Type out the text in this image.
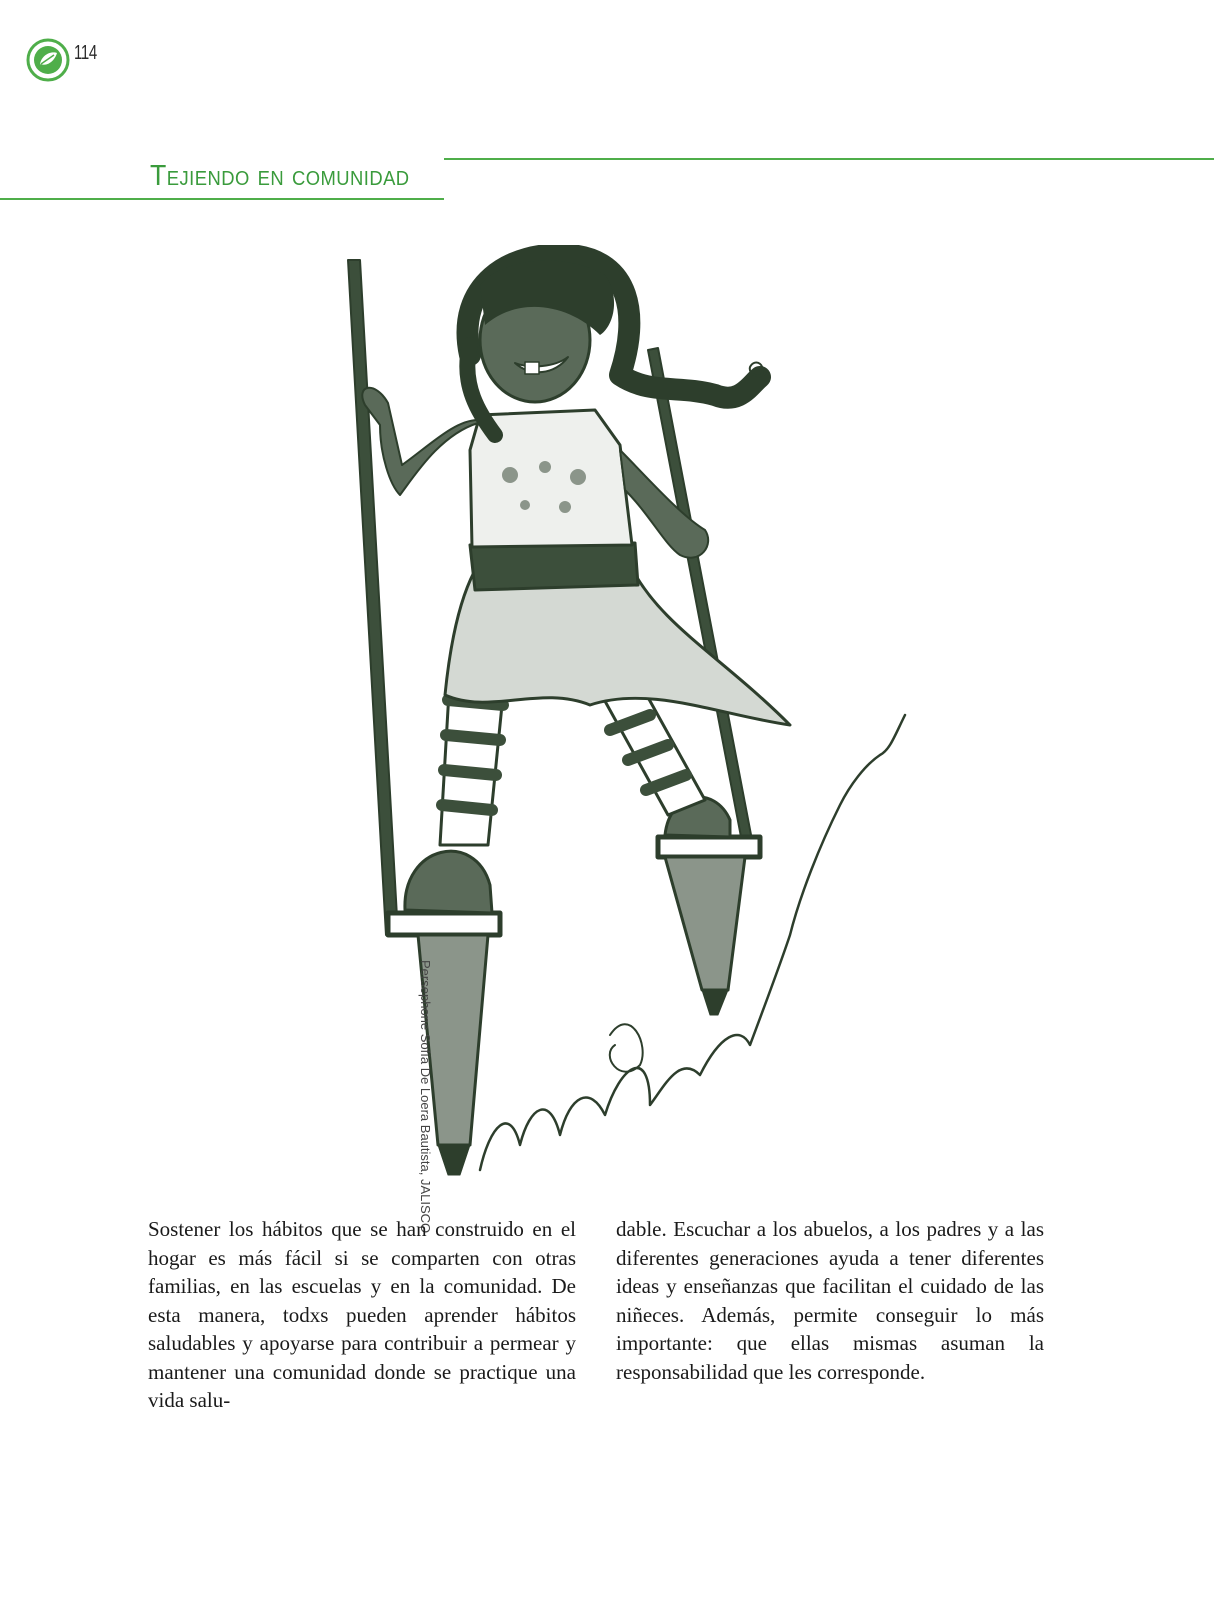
114
Tejiendo en comunidad
Persephone Sofía De Loera Bautista, JALISCO

Sostener los hábitos que se han construido en el hogar es más fácil si se comparten con otras familias, en las escuelas y en la comunidad. De esta manera, todxs pueden aprender hábitos saludables y apoyarse para contribuir a permear y mantener una comunidad donde se practique una vida salu-

dable. Escuchar a los abuelos, a los padres y a las diferentes generaciones ayuda a tener diferentes ideas y enseñanzas que facilitan el cuidado de las niñeces. Además, permite conseguir lo más importante: que ellas mismas asuman la responsabilidad que les corresponde.
